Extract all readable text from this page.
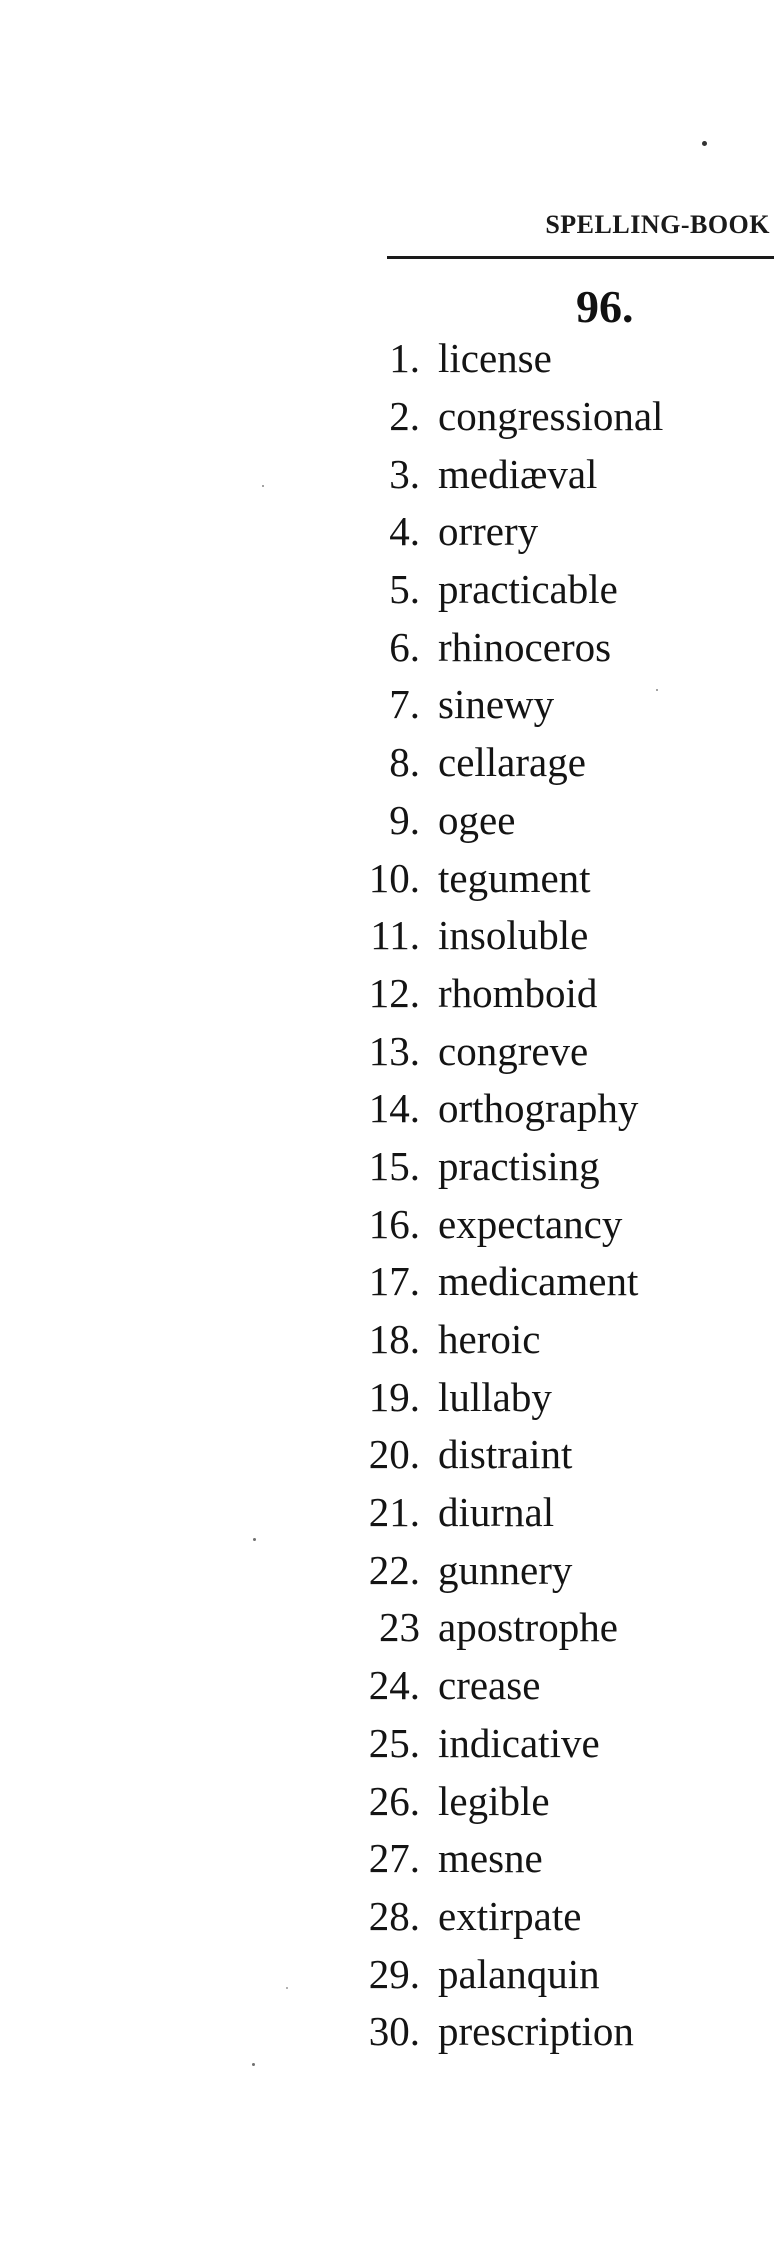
SPELLING-BOOK
96.
1. license
2. congressional
3. mediæval
4. orrery
5. practicable
6. rhinoceros
7. sinewy
8. cellarage
9. ogee
10. tegument
11. insoluble
12. rhomboid
13. congreve
14. orthography
15. practising
16. expectancy
17. medicament
18. heroic
19. lullaby
20. distraint
21. diurnal
22. gunnery
23 apostrophe
24. crease
25. indicative
26. legible
27. mesne
28. extirpate
29. palanquin
30. prescription
